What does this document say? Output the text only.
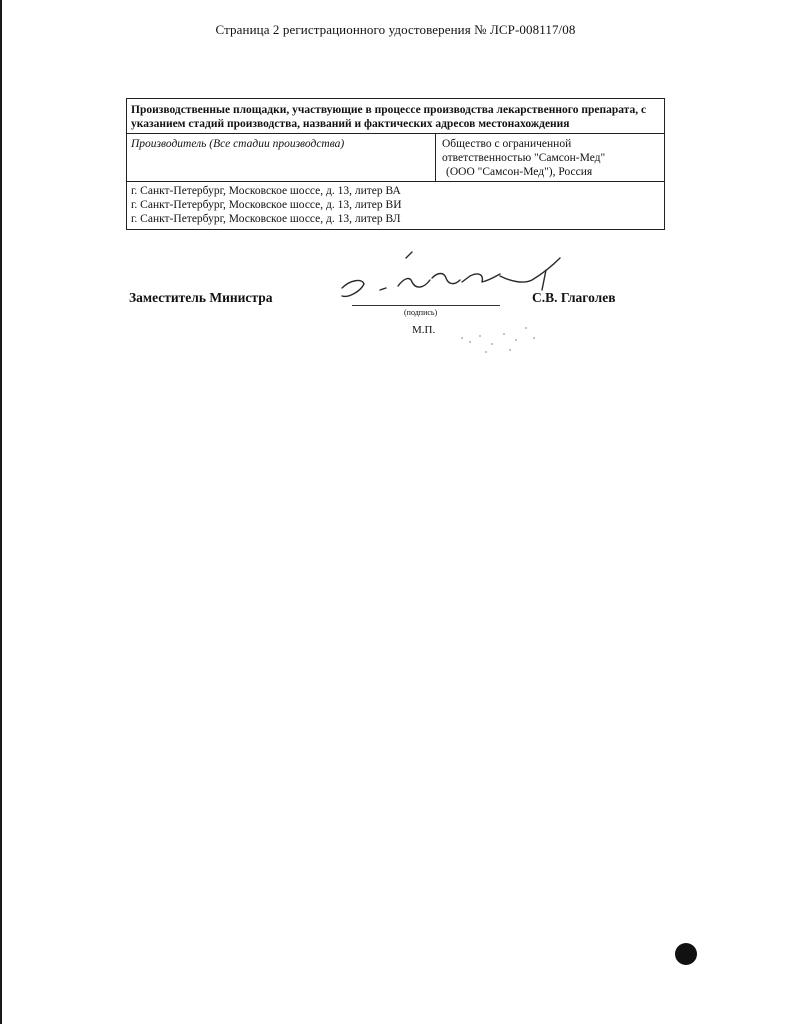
Страница 2 регистрационного удостоверения № ЛСР-008117/08
Производственные площадки, участвующие в процессе производства лекарственного препарата, с указанием стадий производства, названий и фактических адресов местонахождения	
Производитель (Все стадии производства)	Общество с ограниченной
ответственностью "Самсон-Мед"
(ООО "Самсон-Мед"), Россия

г. Санкт-Петербург, Московское шоссе, д. 13, литер ВА
г. Санкт-Петербург, Московское шоссе, д. 13, литер ВИ
г. Санкт-Петербург, Московское шоссе, д. 13, литер ВЛ	

Заместитель Министра	С.В. Глаголев
(подпись)
М.П.
